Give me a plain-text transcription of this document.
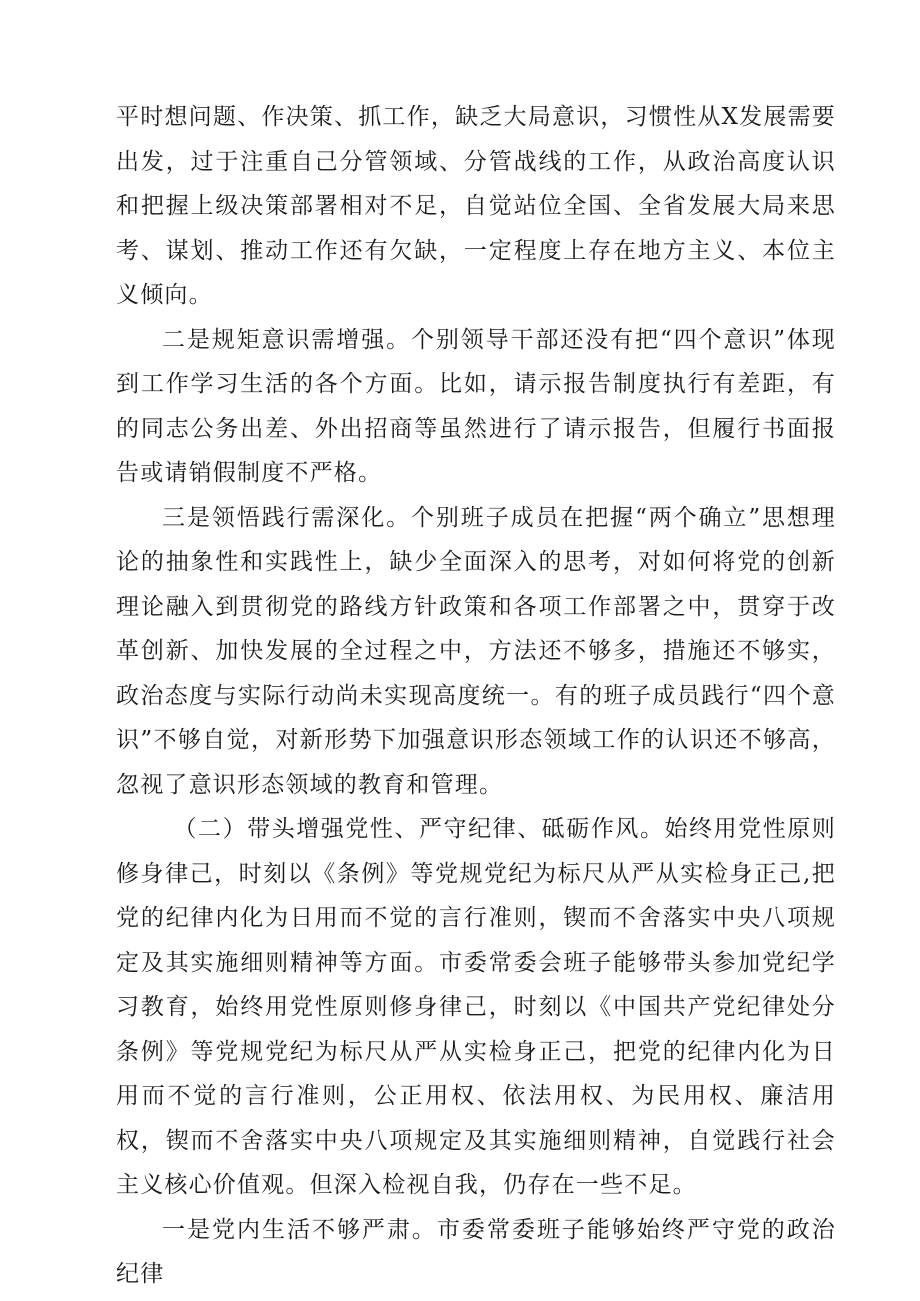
平时想问题、作决策、抓工作，缺乏大局意识，习惯性从X发展需要出发，过于注重自己分管领域、分管战线的工作，从政治高度认识和把握上级决策部署相对不足，自觉站位全国、全省发展大局来思考、谋划、推动工作还有欠缺，一定程度上存在地方主义、本位主义倾向。

二是规矩意识需增强。个别领导干部还没有把“四个意识”体现到工作学习生活的各个方面。比如，请示报告制度执行有差距，有的同志公务出差、外出招商等虽然进行了请示报告，但履行书面报告或请销假制度不严格。

三是领悟践行需深化。个别班子成员在把握“两个确立”思想理论的抽象性和实践性上，缺少全面深入的思考，对如何将党的创新理论融入到贯彻党的路线方针政策和各项工作部署之中，贯穿于改革创新、加快发展的全过程之中，方法还不够多，措施还不够实，政治态度与实际行动尚未实现高度统一。有的班子成员践行“四个意识”不够自觉，对新形势下加强意识形态领域工作的认识还不够高，忽视了意识形态领域的教育和管理。

（二）带头增强党性、严守纪律、砥砺作风。始终用党性原则修身律己，时刻以《条例》等党规党纪为标尺从严从实检身正己,把党的纪律内化为日用而不觉的言行准则，锲而不舍落实中央八项规定及其实施细则精神等方面。市委常委会班子能够带头参加党纪学习教育，始终用党性原则修身律己，时刻以《中国共产党纪律处分条例》等党规党纪为标尺从严从实检身正己，把党的纪律内化为日用而不觉的言行准则，公正用权、依法用权、为民用权、廉洁用权，锲而不舍落实中央八项规定及其实施细则精神，自觉践行社会主义核心价值观。但深入检视自我，仍存在一些不足。

一是党内生活不够严肃。市委常委班子能够始终严守党的政治纪律
